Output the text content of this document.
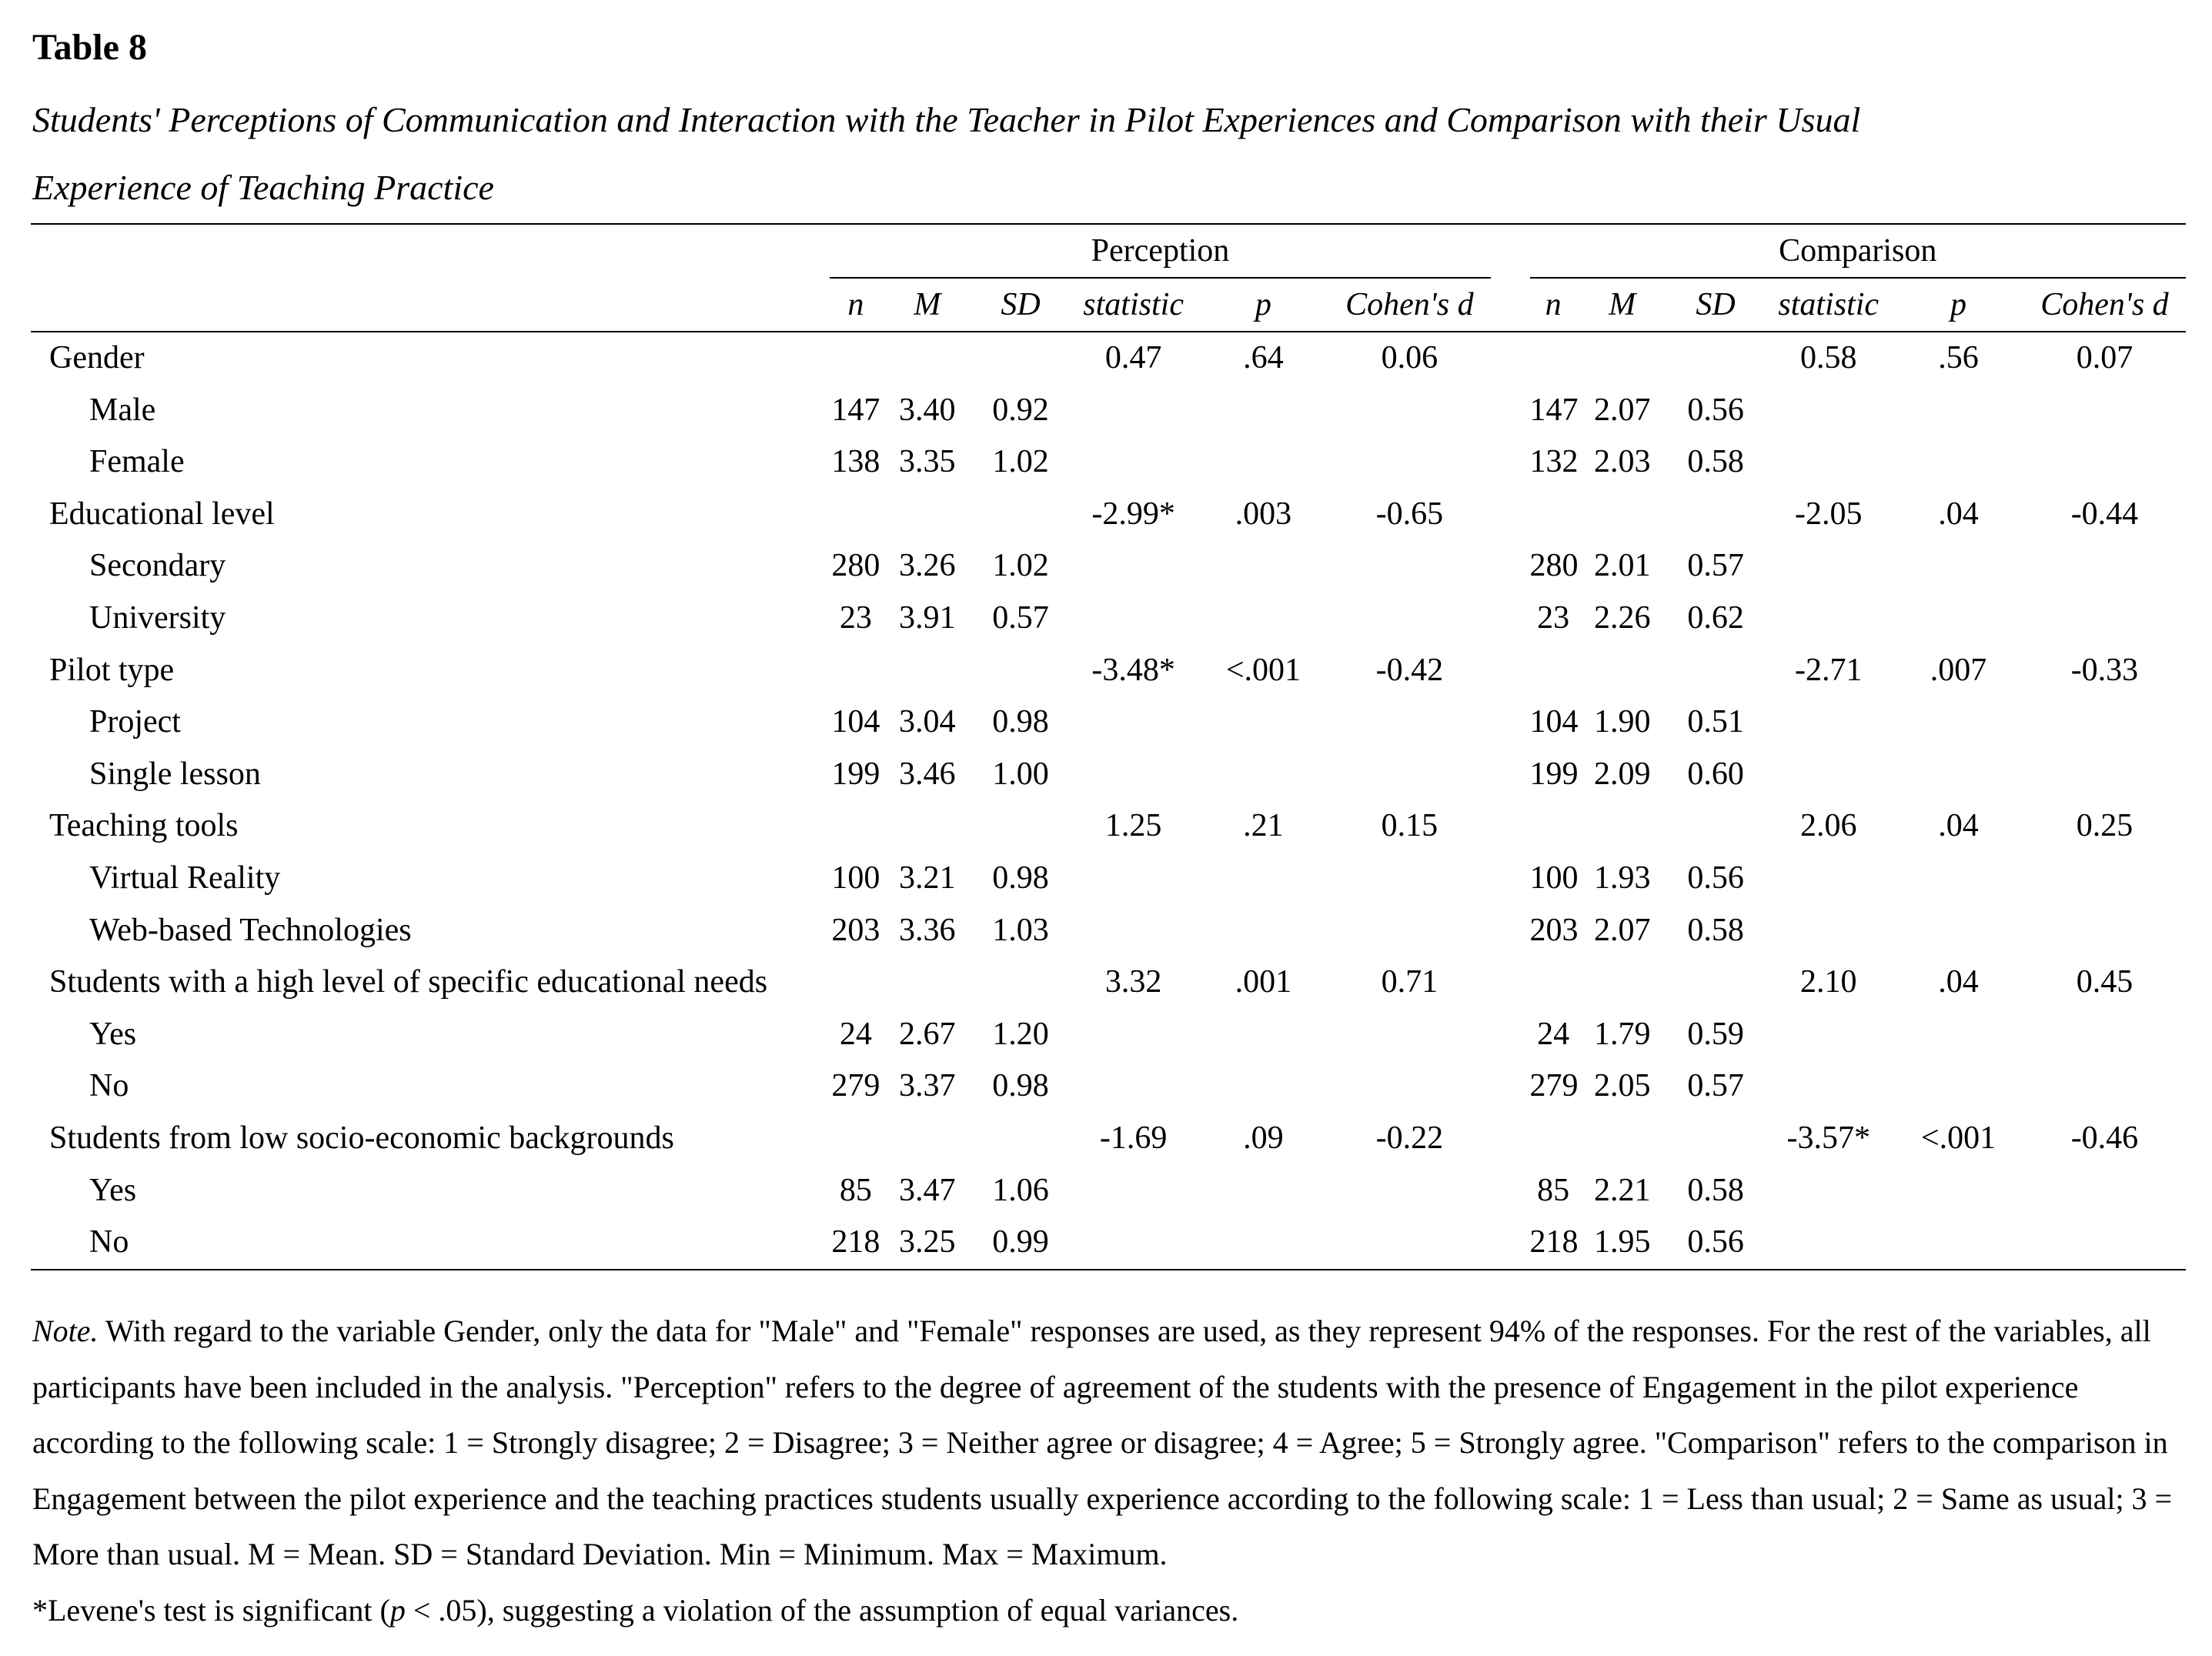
Table 8
Students' Perceptions of Communication and Interaction with the Teacher in Pilot Experiences and Comparison with their Usual
Experience of Teaching Practice
	Perception							Comparison					
	n	M	SD	statistic	p	Cohen's d		n	M	SD	statistic	p	Cohen's d
Gender				0.47	.64	0.06					0.58	.56	0.07
Male	147	3.40	0.92					147	2.07	0.56			
Female	138	3.35	1.02					132	2.03	0.58			
Educational level				-2.99*	.003	-0.65					-2.05	.04	-0.44
Secondary	280	3.26	1.02					280	2.01	0.57			
University	23	3.91	0.57					23	2.26	0.62			
Pilot type				-3.48*	<.001	-0.42					-2.71	.007	-0.33
Project	104	3.04	0.98					104	1.90	0.51			
Single lesson	199	3.46	1.00					199	2.09	0.60			
Teaching tools				1.25	.21	0.15					2.06	.04	0.25
Virtual Reality	100	3.21	0.98					100	1.93	0.56			
Web-based Technologies	203	3.36	1.03					203	2.07	0.58			
Students with a high level of specific educational needs				3.32	.001	0.71					2.10	.04	0.45
Yes	24	2.67	1.20					24	1.79	0.59			
No	279	3.37	0.98					279	2.05	0.57			
Students from low socio-economic backgrounds				-1.69	.09	-0.22					-3.57*	<.001	-0.46
Yes	85	3.47	1.06					85	2.21	0.58			
No	218	3.25	0.99					218	1.95	0.56			

Note. With regard to the variable Gender, only the data for "Male" and "Female" responses are used, as they represent 94% of the responses. For the rest of the variables, all participants have been included in the analysis. "Perception" refers to the degree of agreement of the students with the presence of Engagement in the pilot experience according to the following scale: 1 = Strongly disagree; 2 = Disagree; 3 = Neither agree or disagree; 4 = Agree; 5 = Strongly agree. "Comparison" refers to the comparison in Engagement between the pilot experience and the teaching practices students usually experience according to the following scale: 1 = Less than usual; 2 = Same as usual; 3 = More than usual. M = Mean. SD = Standard Deviation. Min = Minimum. Max = Maximum.

*Levene's test is significant (p < .05), suggesting a violation of the assumption of equal variances.
